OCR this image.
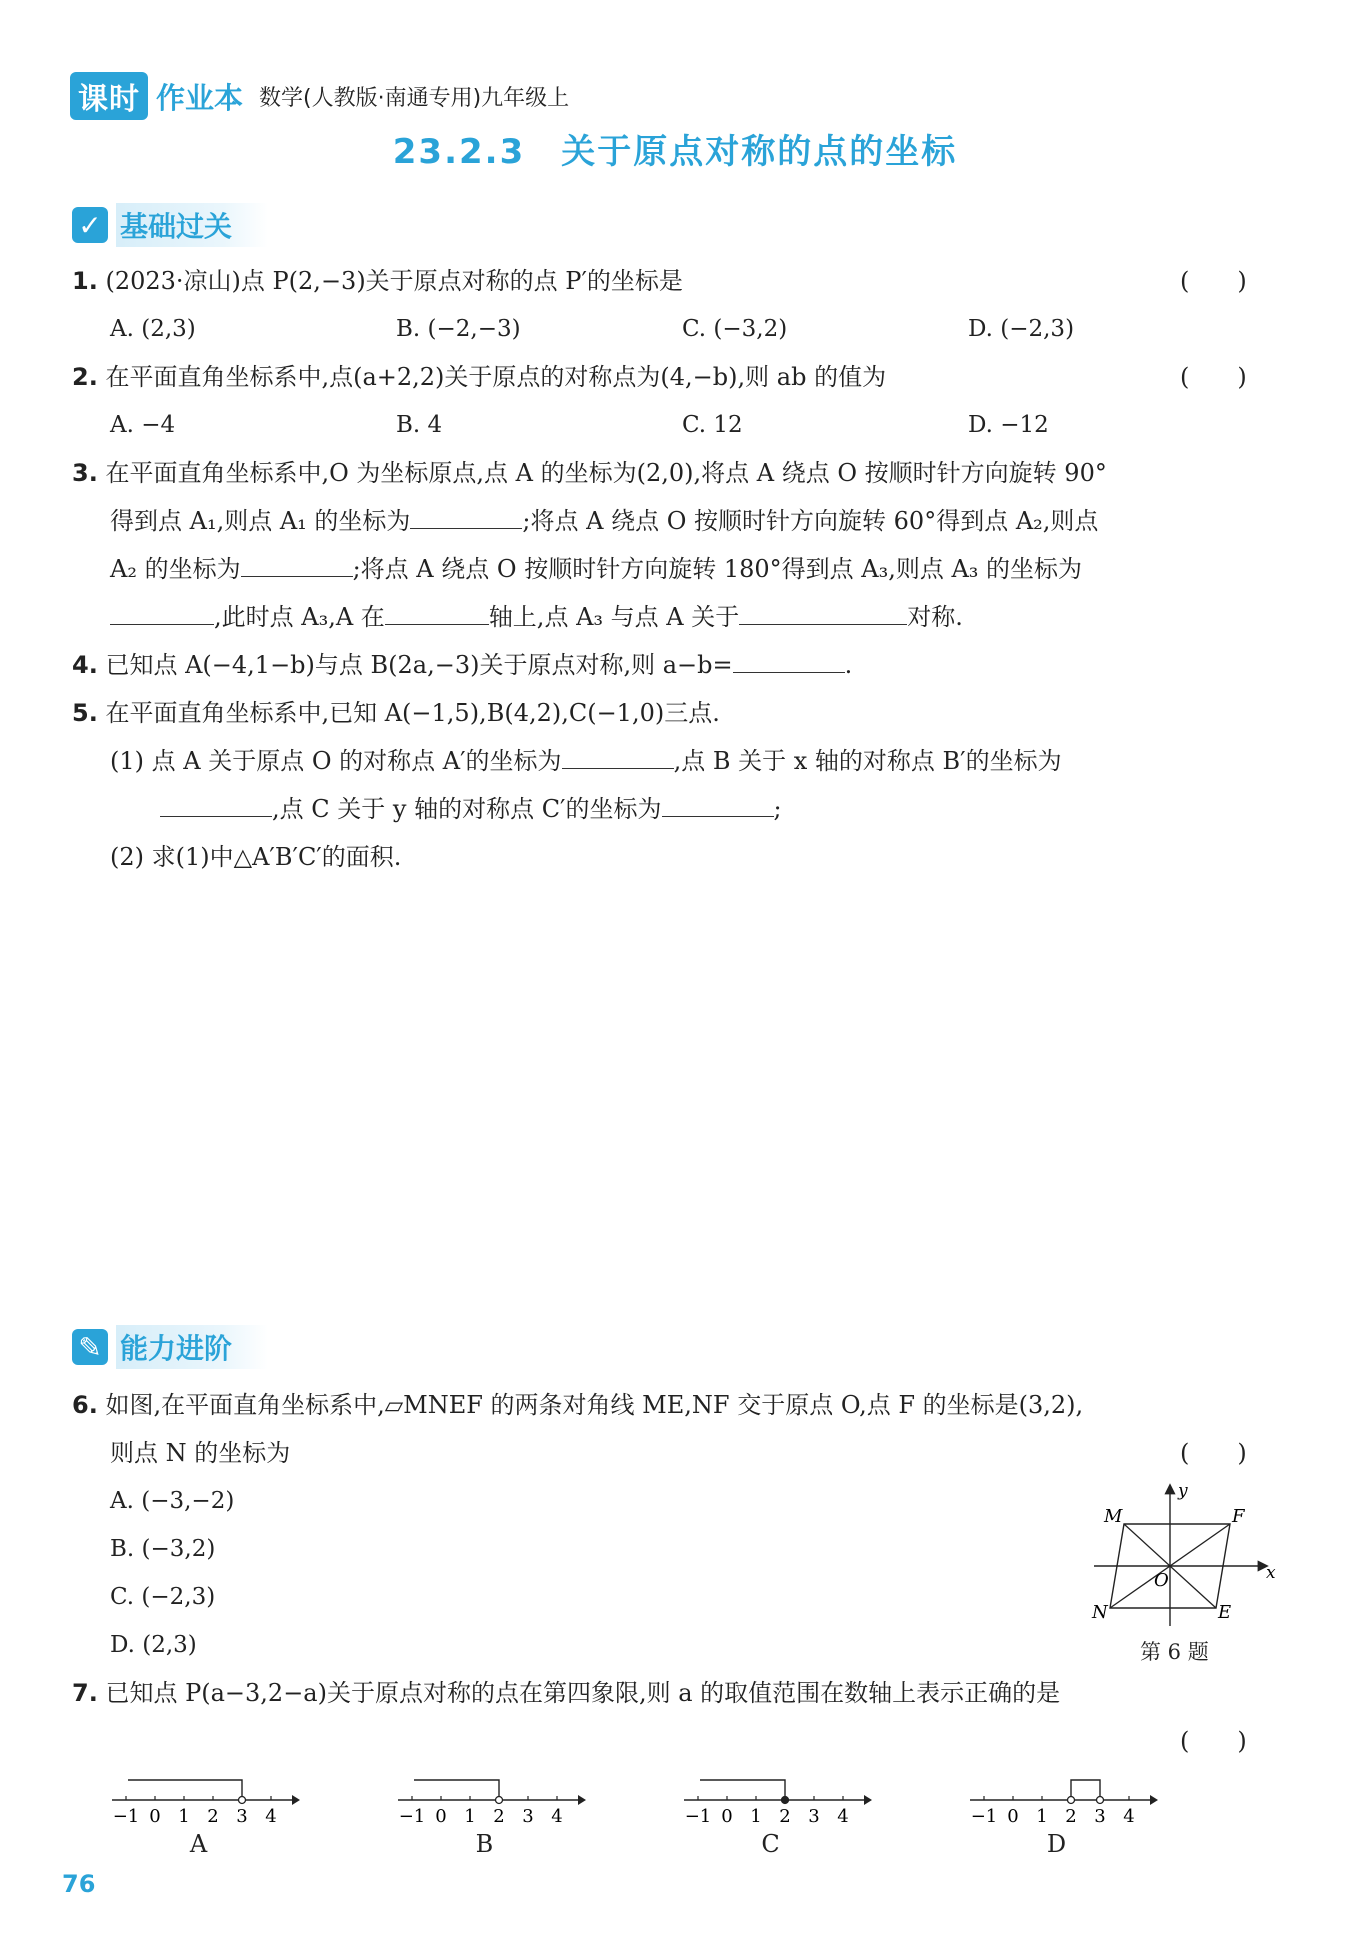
课时 作业本 数学(人教版·南通专用)九年级上
23.2.3　关于原点对称的点的坐标
✓ 基础过关
1. (2023·凉山)点 P(2,−3)关于原点对称的点 P′的坐标是	(　　)
A. (2,3)	B. (−2,−3)	C. (−3,2)	D. (−2,3)
2. 在平面直角坐标系中,点(a+2,2)关于原点的对称点为(4,−b),则 ab 的值为	(　　)
A. −4	B. 4	C. 12	D. −12
3. 在平面直角坐标系中,O 为坐标原点,点 A 的坐标为(2,0),将点 A 绕点 O 按顺时针方向旋转 90°
得到点 A₁,则点 A₁ 的坐标为	;将点 A 绕点 O 按顺时针方向旋转 60°得到点 A₂,则点
A₂ 的坐标为	;将点 A 绕点 O 按顺时针方向旋转 180°得到点 A₃,则点 A₃ 的坐标为
,此时点 A₃,A 在	轴上,点 A₃ 与点 A 关于	对称.
4. 已知点 A(−4,1−b)与点 B(2a,−3)关于原点对称,则 a−b=	.
5. 在平面直角坐标系中,已知 A(−1,5),B(4,2),C(−1,0)三点.
(1) 点 A 关于原点 O 的对称点 A′的坐标为	,点 B 关于 x 轴的对称点 B′的坐标为
,点 C 关于 y 轴的对称点 C′的坐标为	;
(2) 求(1)中△A′B′C′的面积.
✎ 能力进阶
6. 如图,在平面直角坐标系中,▱MNEF 的两条对角线 ME,NF 交于原点 O,点 F 的坐标是(3,2),
则点 N 的坐标为	(　　)
A. (−3,−2)
B. (−3,2)
C. (−2,3)
D. (2,3)
M	F
N	E
O	x
y
第 6 题
7. 已知点 P(a−3,2−a)关于原点对称的点在第四象限,则 a 的取值范围在数轴上表示正确的是
(　　)
−1 0 1 2 3 4
A
−1 0 1 2 3 4
B
−1 0 1 2 3 4
C
−1 0 1 2 3 4
D
76
